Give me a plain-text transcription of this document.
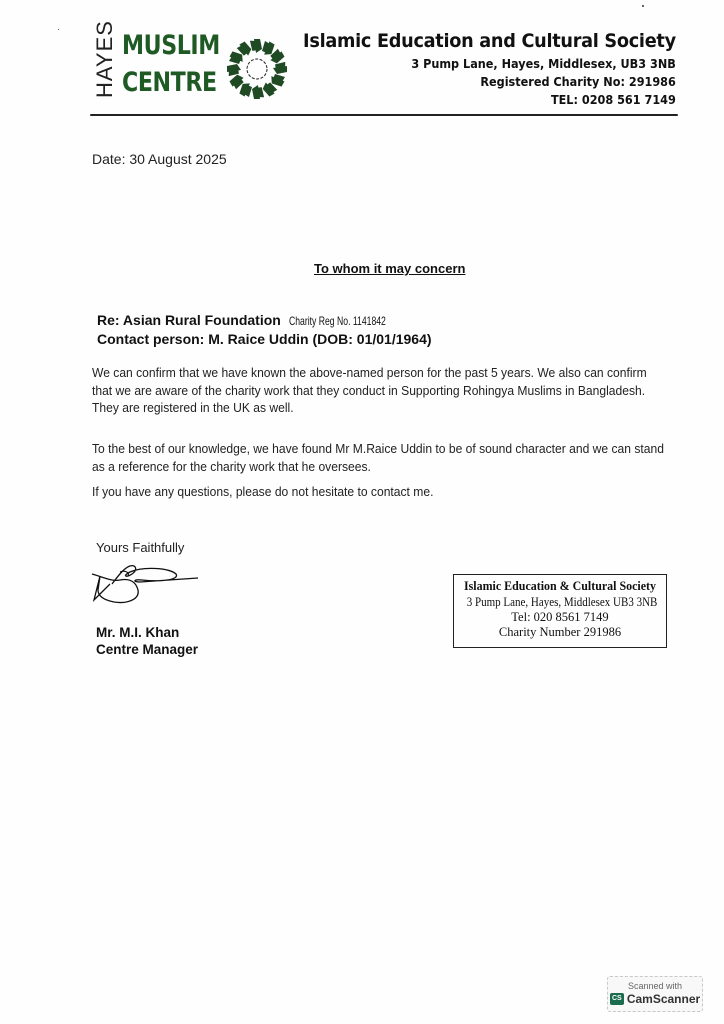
HAYES MUSLIM
CENTRE
Islamic Education and Cultural Society
3 Pump Lane, Hayes, Middlesex, UB3 3NB
Registered Charity No: 291986
TEL: 0208 561 7149
Date: 30 August 2025
To whom it may concern
Re: Asian Rural Foundation Charity Reg No. 1141842
Contact person: M. Raice Uddin (DOB: 01/01/1964)
We can confirm that we have known the above-named person for the past 5 years. We also can confirm that we are aware of the charity work that they conduct in Supporting Rohingya Muslims in Bangladesh. They are registered in the UK as well.
To the best of our knowledge, we have found Mr M.Raice Uddin to be of sound character and we can stand as a reference for the charity work that he oversees.
If you have any questions, please do not hesitate to contact me.
Yours Faithfully
Mr. M.I. Khan
Centre Manager
Islamic Education & Cultural Society
3 Pump Lane, Hayes, Middlesex UB3 3NB
Tel: 020 8561 7149
Charity Number 291986
Scanned with
CS CamScanner
